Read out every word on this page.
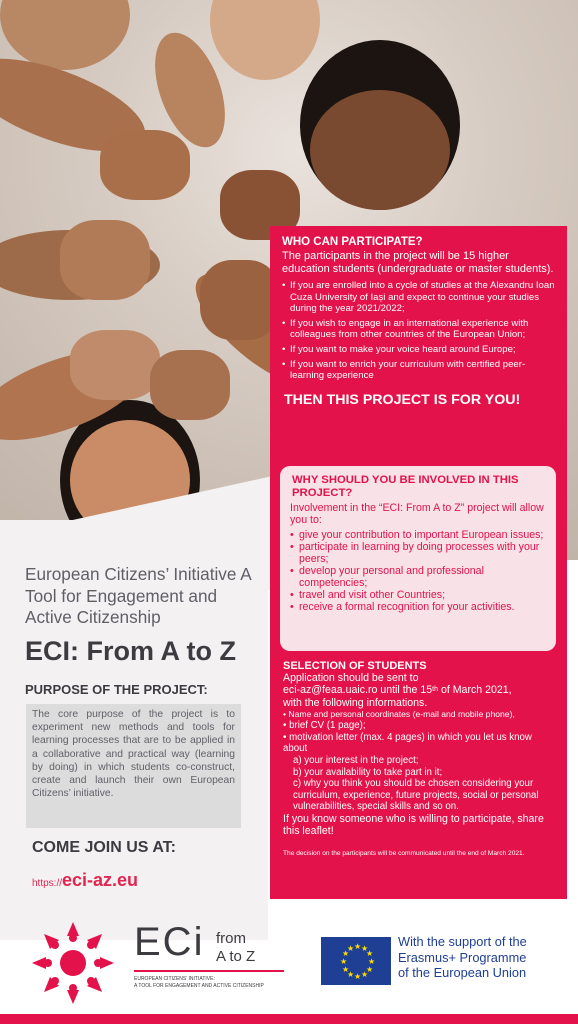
European Citizens’ Initiative A Tool for Engagement and Active Citizenship
ECI: From A to Z
PURPOSE OF THE PROJECT:
The core purpose of the project is to experiment new methods and tools for learning processes that are to be applied in a collaborative and practical way (learning by doing) in which students co-construct, create and launch their own European Citizens’ initiative.
COME JOIN US AT:
https://eci-az.eu
WHO CAN PARTICIPATE?
The participants in the project will be 15 higher education students (undergraduate or master students).
• If you are enrolled into a cycle of studies at the Alexandru Ioan Cuza University of Iași and expect to continue your studies during the year 2021/2022;
• If you wish to engage in an international experience with colleagues from other countries of the European Union;
• If you want to make your voice heard around Europe;
• If you want to enrich your curriculum with certified peer-learning experience
THEN THIS PROJECT IS FOR YOU!
WHY SHOULD YOU BE INVOLVED IN THIS PROJECT?
Involvement in the “ECI: From A to Z” project will allow you to:
• give your contribution to important European issues;
• participate in learning by doing processes with your peers;
• develop your personal and professional competencies;
• travel and visit other Countries;
• receive a formal recognition for your activities.
SELECTION OF STUDENTS
Application should be sent to
eci-az@feaa.uaic.ro until the 15th of March 2021,
with the following informations.
• Name and personal coordinates (e-mail and mobile phone),
• brief CV (1 page);
• motivation letter (max. 4 pages) in which you let us know about
a) your interest in the project;
b) your availability to take part in it;
c) why you think you should be chosen considering your curriculum, experience, future projects, social or personal vulnerabilities, special skills and so on.
If you know someone who is willing to participate, share this leaflet!
The decision on the participants will be communicated until the end of March 2021.
ECi from
A to Z
EUROPEAN CITIZENS’ INITIATIVE:
A TOOL FOR ENGAGEMENT AND ACTIVE CITIZENSHIP
★ ★
★
★
★
★
★
★
★
★
★
★	With the support of the
Erasmus+ Programme
of the European Union
